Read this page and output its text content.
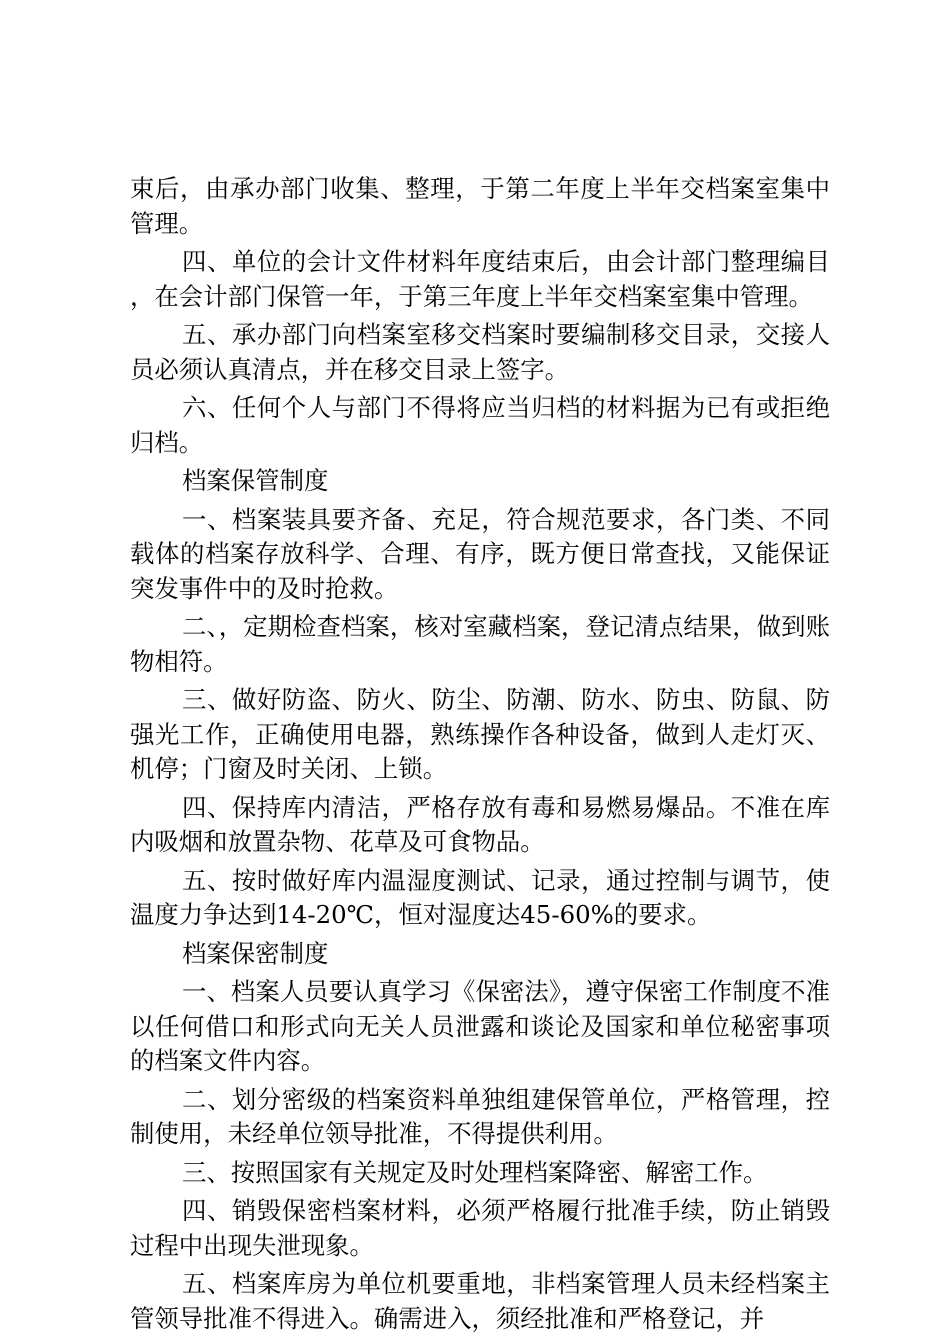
束后，由承办部门收集、整理，于第二年度上半年交档案室集中管理。

四、单位的会计文件材料年度结束后，由会计部门整理编目，在会计部门保管一年，于第三年度上半年交档案室集中管理。

五、承办部门向档案室移交档案时要编制移交目录，交接人员必须认真清点，并在移交目录上签字。

六、任何个人与部门不得将应当归档的材料据为已有或拒绝归档。

档案保管制度

一、档案装具要齐备、充足，符合规范要求，各门类、不同载体的档案存放科学、合理、有序，既方便日常查找，又能保证突发事件中的及时抢救。

二、，定期检查档案，核对室藏档案，登记清点结果，做到账物相符。

三、做好防盗、防火、防尘、防潮、防水、防虫、防鼠、防强光工作，正确使用电器，熟练操作各种设备，做到人走灯灭、机停；门窗及时关闭、上锁。

四、保持库内清洁，严格存放有毒和易燃易爆品。不准在库内吸烟和放置杂物、花草及可食物品。

五、按时做好库内温湿度测试、记录，通过控制与调节，使温度力争达到14-20℃，恒对湿度达45-60%的要求。

档案保密制度

一、档案人员要认真学习《保密法》，遵守保密工作制度不准以任何借口和形式向无关人员泄露和谈论及国家和单位秘密事项的档案文件内容。

二、划分密级的档案资料单独组建保管单位，严格管理，控制使用，未经单位领导批准，不得提供利用。

三、按照国家有关规定及时处理档案降密、解密工作。

四、销毁保密档案材料，必须严格履行批准手续，防止销毁过程中出现失泄现象。

五、档案库房为单位机要重地，非档案管理人员未经档案主管领导批准不得进入。确需进入，须经批准和严格登记，并
